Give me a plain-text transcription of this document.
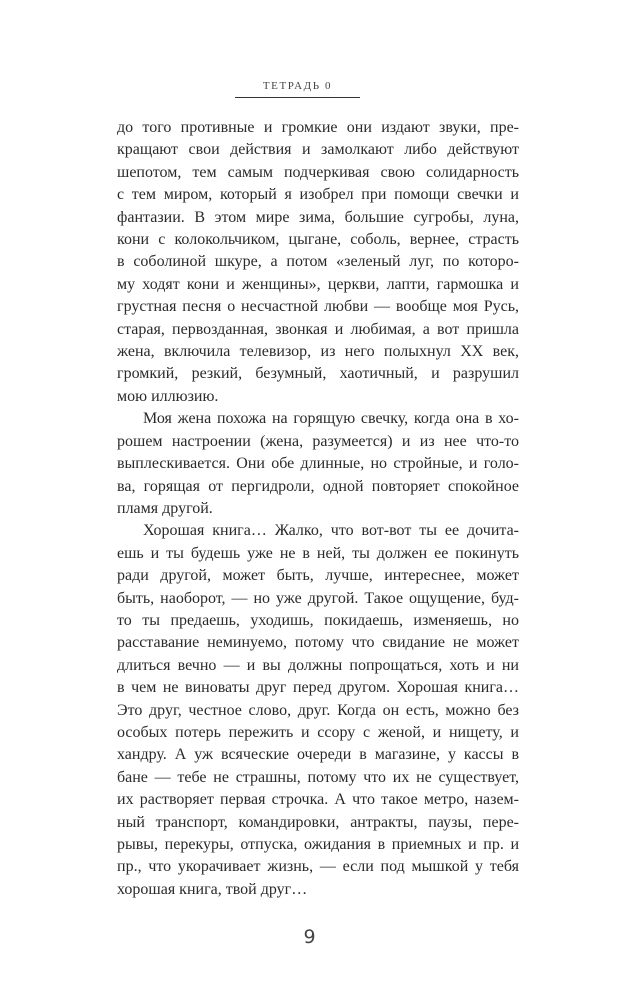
ТЕТРАДЬ 0
до того противные и громкие они издают звуки, пре-
кращают свои действия и замолкают либо действуют
шепотом, тем самым подчеркивая свою солидарность
с тем миром, который я изобрел при помощи свечки и
фантазии. В этом мире зима, большие сугробы, луна,
кони с колокольчиком, цыгане, соболь, вернее, страсть
в соболиной шкуре, а потом «зеленый луг, по которо-
му ходят кони и женщины», церкви, лапти, гармошка и
грустная песня о несчастной любви — вообще моя Русь,
старая, первозданная, звонкая и любимая, а вот пришла
жена, включила телевизор, из него полыхнул XX век,
громкий, резкий, безумный, хаотичный, и разрушил
мою иллюзию.
Моя жена похожа на горящую свечку, когда она в хо-
рошем настроении (жена, разумеется) и из нее что-то
выплескивается. Они обе длинные, но стройные, и голо-
ва, горящая от пергидроли, одной повторяет спокойное
пламя другой.
Хорошая книга… Жалко, что вот-вот ты ее дочита-
ешь и ты будешь уже не в ней, ты должен ее покинуть
ради другой, может быть, лучше, интереснее, может
быть, наоборот, — но уже другой. Такое ощущение, буд-
то ты предаешь, уходишь, покидаешь, изменяешь, но
расставание неминуемо, потому что свидание не может
длиться вечно — и вы должны попрощаться, хоть и ни
в чем не виноваты друг перед другом. Хорошая книга…
Это друг, честное слово, друг. Когда он есть, можно без
особых потерь пережить и ссору с женой, и нищету, и
хандру. А уж всяческие очереди в магазине, у кассы в
бане — тебе не страшны, потому что их не существует,
их растворяет первая строчка. А что такое метро, назем-
ный транспорт, командировки, антракты, паузы, пере-
рывы, перекуры, отпуска, ожидания в приемных и пр. и
пр., что укорачивает жизнь, — если под мышкой у тебя
хорошая книга, твой друг…
9
